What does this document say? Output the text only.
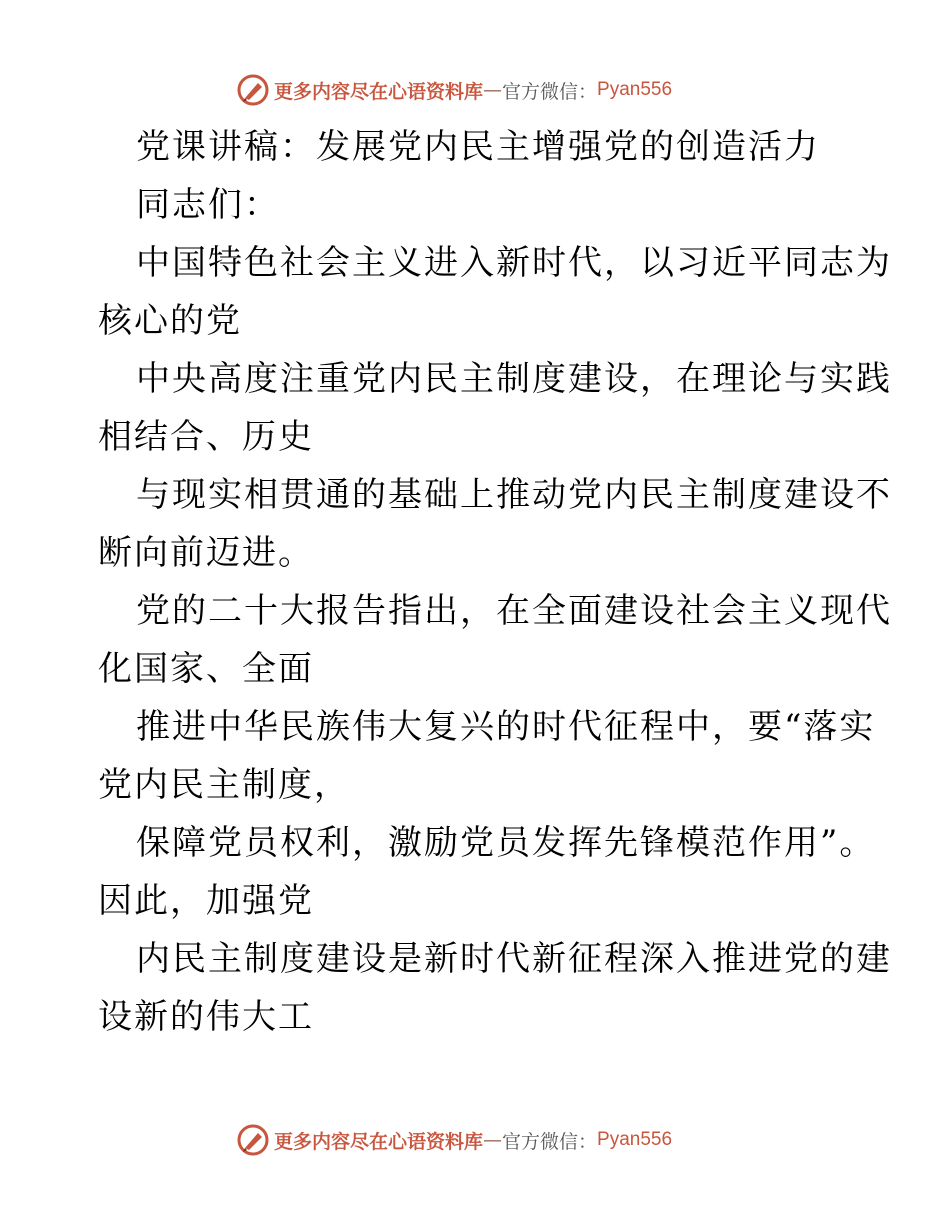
更多内容尽在心语资料库 — 官方微信： Pyan556
党课讲稿：发展党内民主增强党的创造活力
同志们：
中国特色社会主义进入新时代，以习近平同志为
核心的党
中央高度注重党内民主制度建设，在理论与实践
相结合、历史
与现实相贯通的基础上推动党内民主制度建设不
断向前迈进。
党的二十大报告指出，在全面建设社会主义现代
化国家、全面
推进中华民族伟大复兴的时代征程中，要“落实
党内民主制度，
保障党员权利，激励党员发挥先锋模范作用”。
因此，加强党
内民主制度建设是新时代新征程深入推进党的建
设新的伟大工
更多内容尽在心语资料库 — 官方微信： Pyan556
